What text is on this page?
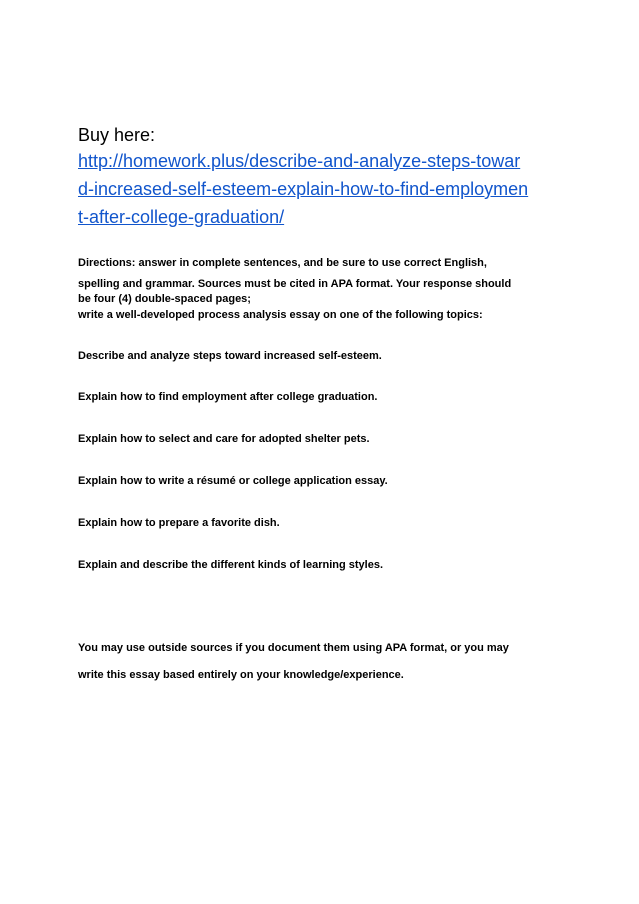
Buy here:
http://homework.plus/describe-and-analyze-steps-towar
d-increased-self-esteem-explain-how-to-find-employmen
t-after-college-graduation/
Directions: answer in complete sentences, and be sure to use correct English,
spelling and grammar. Sources must be cited in APA format. Your response should
be four (4) double-spaced pages;
write a well-developed process analysis essay on one of the following topics:
Describe and analyze steps toward increased self-esteem.
Explain how to find employment after college graduation.
Explain how to select and care for adopted shelter pets.
Explain how to write a résumé or college application essay.
Explain how to prepare a favorite dish.
Explain and describe the different kinds of learning styles.
You may use outside sources if you document them using APA format, or you may
write this essay based entirely on your knowledge/experience.
